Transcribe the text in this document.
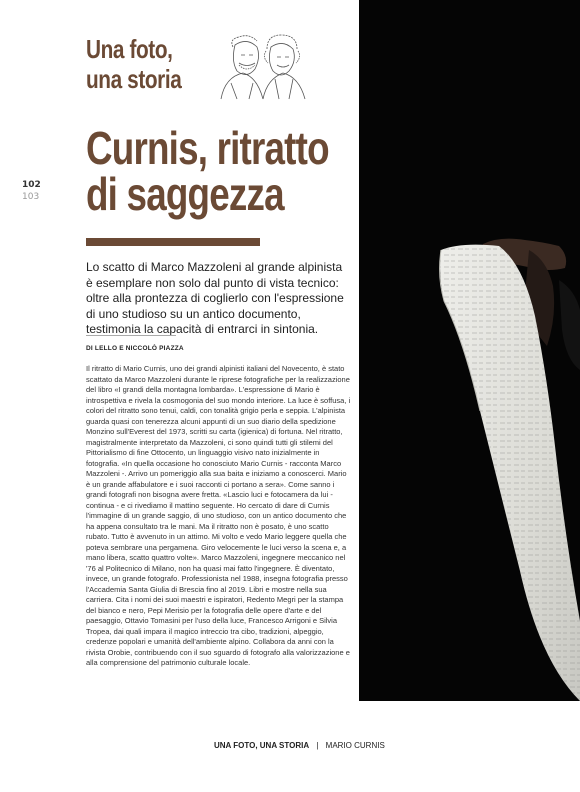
102
103
Una foto,
una storia
Curnis, ritratto
di saggezza

Lo scatto di Marco Mazzoleni al grande alpinista è esemplare non solo dal punto di vista tecnico: oltre alla prontezza di coglierlo con l'espressione di uno studioso su un antico documento, testimonia la capacità di entrarci in sintonia.

DI LELLO E NICCOLÒ PIAZZA

Il ritratto di Mario Curnis, uno dei grandi alpinisti italiani del Novecento, è stato scattato da Marco Mazzoleni durante le riprese fotografiche per la realizzazione del libro «I grandi della montagna lombarda». L'espressione di Mario è introspettiva e rivela la cosmogonia del suo mondo interiore. La luce è soffusa, i colori del ritratto sono tenui, caldi, con tonalità grigio perla e seppia. L'alpinista guarda quasi con tenerezza alcuni appunti di un suo diario della spedizione Monzino sull'Everest del 1973, scritti su carta (igienica) di fortuna. Nel ritratto, magistralmente interpretato da Mazzoleni, ci sono quindi tutti gli stilemi del Pittorialismo di fine Ottocento, un linguaggio visivo nato inizialmente in fotografia. «In quella occasione ho conosciuto Mario Curnis - racconta Marco Mazzoleni -. Arrivo un pomeriggio alla sua baita e iniziamo a conoscerci. Mario è un grande affabulatore e i suoi racconti ci portano a sera». Come sanno i grandi fotografi non bisogna avere fretta. «Lascio luci e fotocamera da lui - continua - e ci rivediamo il mattino seguente. Ho cercato di dare di Curnis l'immagine di un grande saggio, di uno studioso, con un antico documento che ha appena consultato tra le mani. Ma il ritratto non è posato, è uno scatto rubato. Tutto è avvenuto in un attimo. Mi volto e vedo Mario leggere quella che poteva sembrare una pergamena. Giro velocemente le luci verso la scena e, a mano libera, scatto quattro volte». Marco Mazzoleni, ingegnere meccanico nel '76 al Politecnico di Milano, non ha quasi mai fatto l'ingegnere. È diventato, invece, un grande fotografo. Professionista nel 1988, insegna fotografia presso l'Accademia Santa Giulia di Brescia fino al 2019. Libri e mostre nella sua carriera. Cita i nomi dei suoi maestri e ispiratori, Redento Megri per la stampa del bianco e nero, Pepi Merisio per la fotografia delle opere d'arte e del paesaggio, Ottavio Tomasini per l'uso della luce, Francesco Arrigoni e Silvia Tropea, dai quali impara il magico intreccio tra cibo, tradizioni, alpeggio, credenze popolari e umanità dell'ambiente alpino. Collabora da anni con la rivista Orobie, contribuendo con il suo sguardo di fotografo alla valorizzazione e alla comprensione del patrimonio culturale locale.

UNA FOTO, UNA STORIA | MARIO CURNIS
